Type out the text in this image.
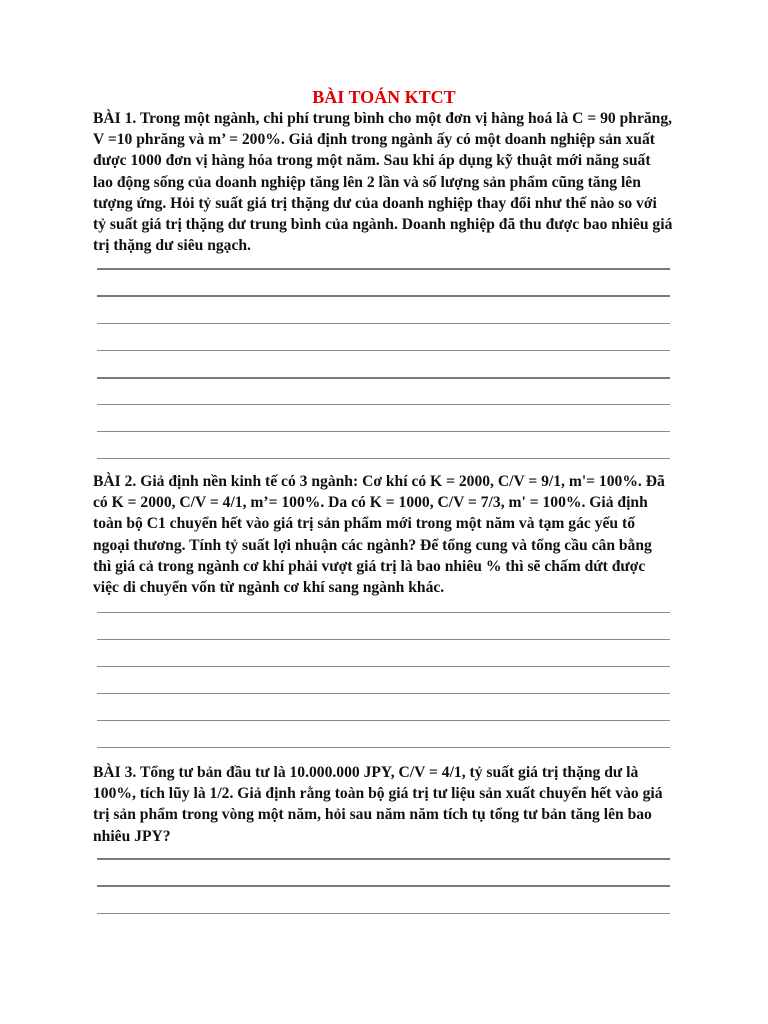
BÀI TOÁN KTCT
BÀI 1. Trong một ngành, chi phí trung bình cho một đơn vị hàng hoá là C = 90 phrăng, V =10 phrăng và m’ = 200%. Giả định trong ngành ấy có một doanh nghiệp sản xuất được 1000 đơn vị hàng hóa trong một năm. Sau khi áp dụng kỹ thuật mới năng suất lao động sống của doanh nghiệp tăng lên 2 lần và số lượng sản phẩm cũng tăng lên tượng ứng. Hỏi tỷ suất giá trị thặng dư của doanh nghiệp thay đổi như thế nào so với tỷ suất giá trị thặng dư trung bình của ngành. Doanh nghiệp đã thu được bao nhiêu giá trị thặng dư siêu ngạch.
BÀI 2. Giả định nền kinh tế có 3 ngành: Cơ khí có K = 2000, C/V = 9/1, m'= 100%. Đã có K = 2000, C/V = 4/1, m’= 100%. Da có K = 1000, C/V = 7/3, m' = 100%. Giả định toàn bộ C1 chuyển hết vào giá trị sản phẩm mới trong một năm và tạm gác yếu tố ngoại thương. Tính tỷ suất lợi nhuận các ngành? Để tổng cung và tổng cầu cân bằng thì giá cả trong ngành cơ khí phải vượt giá trị là bao nhiêu % thì sẽ chấm dứt được việc di chuyển vốn từ ngành cơ khí sang ngành khác.
BÀI 3. Tổng tư bản đầu tư là 10.000.000 JPY, C/V = 4/1, tỷ suất giá trị thặng dư là 100%, tích lũy là 1/2. Giả định rằng toàn bộ giá trị tư liệu sản xuất chuyển hết vào giá trị sản phẩm trong vòng một năm, hỏi sau năm năm tích tụ tổng tư bản tăng lên bao nhiêu JPY?
